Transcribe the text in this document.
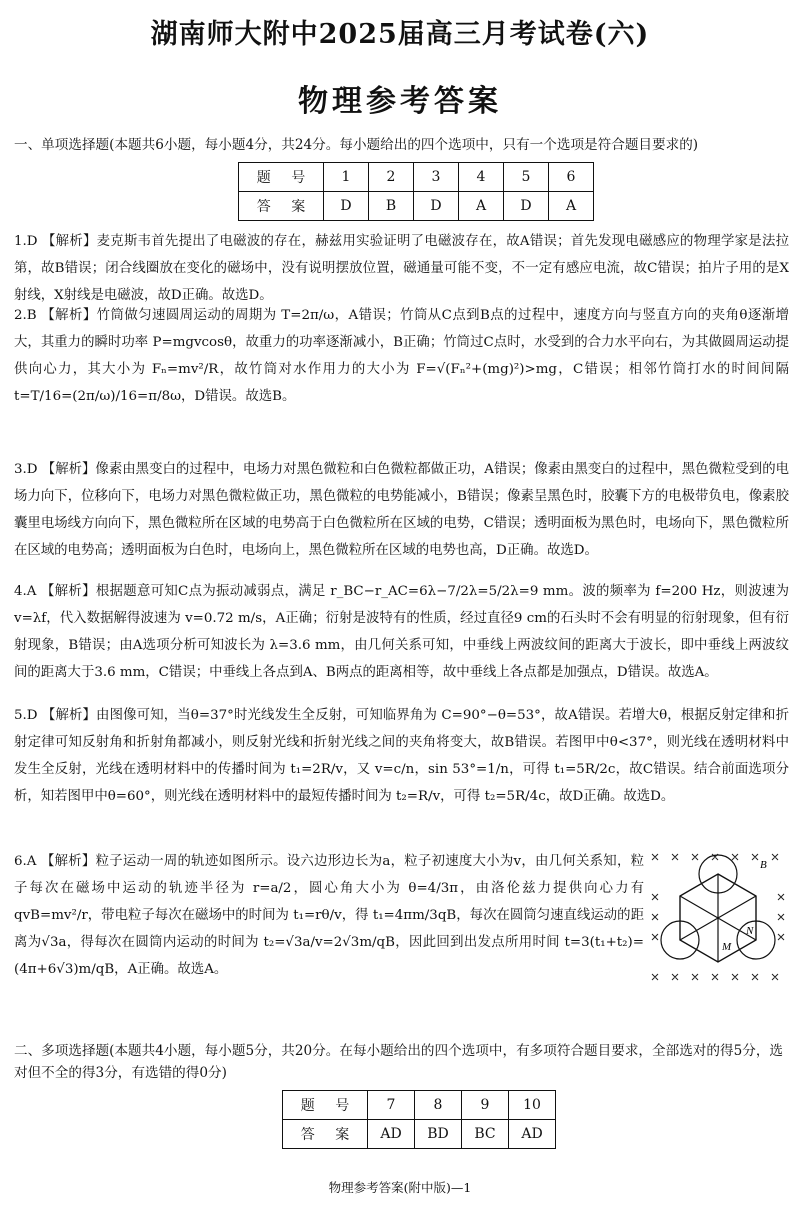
湖南师大附中2025届高三月考试卷(六)
物理参考答案
一、单项选择题(本题共6小题，每小题4分，共24分。每小题给出的四个选项中，只有一个选项是符合题目要求的)
题 号	1	2	3	4	5	6
答 案	D	B	D	A	D	A
1.D 【解析】麦克斯韦首先提出了电磁波的存在，赫兹用实验证明了电磁波存在，故A错误；首先发现电磁感应的物理学家是法拉第，故B错误；闭合线圈放在变化的磁场中，没有说明摆放位置，磁通量可能不变，不一定有感应电流，故C错误；拍片子用的是X射线，X射线是电磁波，故D正确。故选D。
2.B 【解析】竹筒做匀速圆周运动的周期为 T=2π/ω，A错误；竹筒从C点到B点的过程中，速度方向与竖直方向的夹角θ逐渐增大，其重力的瞬时功率 P=mgvcosθ，故重力的功率逐渐减小，B正确；竹筒过C点时，水受到的合力水平向右，为其做圆周运动提供向心力，其大小为 Fₙ=mv²/R，故竹筒对水作用力的大小为 F=√(Fₙ²+(mg)²)>mg，C错误；相邻竹筒打水的时间间隔 t=T/16=(2π/ω)/16=π/8ω，D错误。故选B。
3.D 【解析】像素由黑变白的过程中，电场力对黑色微粒和白色微粒都做正功，A错误；像素由黑变白的过程中，黑色微粒受到的电场力向下，位移向下，电场力对黑色微粒做正功，黑色微粒的电势能减小，B错误；像素呈黑色时，胶囊下方的电极带负电，像素胶囊里电场线方向向下，黑色微粒所在区域的电势高于白色微粒所在区域的电势，C错误；透明面板为黑色时，电场向下，黑色微粒所在区域的电势高；透明面板为白色时，电场向上，黑色微粒所在区域的电势也高，D正确。故选D。
4.A 【解析】根据题意可知C点为振动减弱点，满足 r_BC−r_AC=6λ−7/2λ=5/2λ=9 mm。波的频率为 f=200 Hz，则波速为 v=λf，代入数据解得波速为 v=0.72 m/s，A正确；衍射是波特有的性质，经过直径9 cm的石头时不会有明显的衍射现象，但有衍射现象，B错误；由A选项分析可知波长为 λ=3.6 mm，由几何关系可知，中垂线上两波纹间的距离大于波长，即中垂线上两波纹间的距离大于3.6 mm，C错误；中垂线上各点到A、B两点的距离相等，故中垂线上各点都是加强点，D错误。故选A。
5.D 【解析】由图像可知，当θ=37°时光线发生全反射，可知临界角为 C=90°−θ=53°，故A错误。若增大θ，根据反射定律和折射定律可知反射角和折射角都减小，则反射光线和折射光线之间的夹角将变大，故B错误。若图甲中θ<37°，则光线在透明材料中发生全反射，光线在透明材料中的传播时间为 t₁=2R/v，又 v=c/n，sin 53°=1/n，可得 t₁=5R/2c，故C错误。结合前面选项分析，知若图甲中θ=60°，则光线在透明材料中的最短传播时间为 t₂=R/v，可得 t₂=5R/4c，故D正确。故选D。
6.A 【解析】粒子运动一周的轨迹如图所示。设六边形边长为a，粒子初速度大小为v，由几何关系知，粒子每次在磁场中运动的轨迹半径为 r=a/2，圆心角大小为 θ=4/3π，由洛伦兹力提供向心力有 qvB=mv²/r，带电粒子每次在磁场中的时间为 t₁=rθ/v，得 t₁=4πm/3qB，每次在圆筒匀速直线运动的距离为√3a，得每次在圆筒内运动的时间为 t₂=√3a/v=2√3m/qB，因此回到出发点所用时间 t=3(t₁+t₂)=(4π+6√3)m/qB，A正确。故选A。
B
N
M
二、多项选择题(本题共4小题，每小题5分，共20分。在每小题给出的四个选项中，有多项符合题目要求，全部选对的得5分，选对但不全的得3分，有选错的得0分)
题 号	7	8	9	10
答 案	AD	BD	BC	AD
物理参考答案(附中版)—1
